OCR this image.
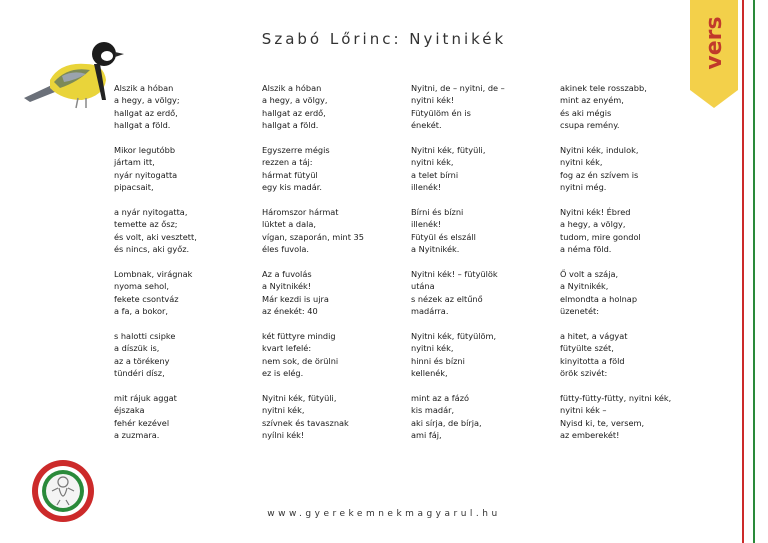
Szabó Lőrinc: Nyitnikék
Alszik a hóban
a hegy, a völgy;
hallgat az erdő,
hallgat a föld.
Mikor legutóbb
jártam itt,
nyár nyitogatta
pipacsait,
a nyár nyitogatta,
temette az ősz;
és volt, aki vesztett,
és nincs, aki győz.
Lombnak, virágnak
nyoma sehol,
fekete csontváz
a fa, a bokor,
s halotti csipke
a díszük is,
az a törékeny
tündéri dísz,
mit rájuk aggat
éjszaka
fehér kezével
a zuzmara.
Alszik a hóban
a hegy, a völgy,
hallgat az erdő,
hallgat a föld.
Egyszerre mégis
rezzen a táj:
hármat fütyül
egy kis madár.
Háromszor hármat
lüktet a dala,
vígan, szaporán, mint 35
éles fuvola.
Az a fuvolás
a Nyitnikék!
Már kezdi is ujra
az énekét: 40
két füttyre mindig
kvart lefelé:
nem sok, de örülni
ez is elég.
Nyitni kék, fütyüli,
nyitni kék,
szívnek és tavasznak
nyílni kék!
Nyitni, de – nyitni, de –
nyitni kék!
Fütyülöm én is
énekét.
Nyitni kék, fütyüli,
nyitni kék,
a telet bírni
illenék!
Bírni és bízni
illenék!
Fütyül és elszáll
a Nyitnikék.
Nyitni kék! – fütyülök
utána
s nézek az eltűnő
madárra.
Nyitni kék, fütyülöm,
nyitni kék,
hinni és bízni
kellenék,
mint az a fázó
kis madár,
aki sírja, de bírja,
ami fáj,
akinek tele rosszabb,
mint az enyém,
és aki mégis
csupa remény.
Nyitni kék, indulok,
nyitni kék,
fog az én szívem is
nyitni még.
Nyitni kék! Ébred
a hegy, a völgy,
tudom, mire gondol
a néma föld.
Ő volt a szája,
a Nyitnikék,
elmondta a holnap
üzenetét:
a hitet, a vágyat
fütyülte szét,
kinyitotta a föld
örök szivét:
fütty-fütty-fütty, nyitni kék,
nyitni kék –
Nyisd ki, te, versem,
az emberekét!
vers
www.gyerekemnekmagyarul.hu
